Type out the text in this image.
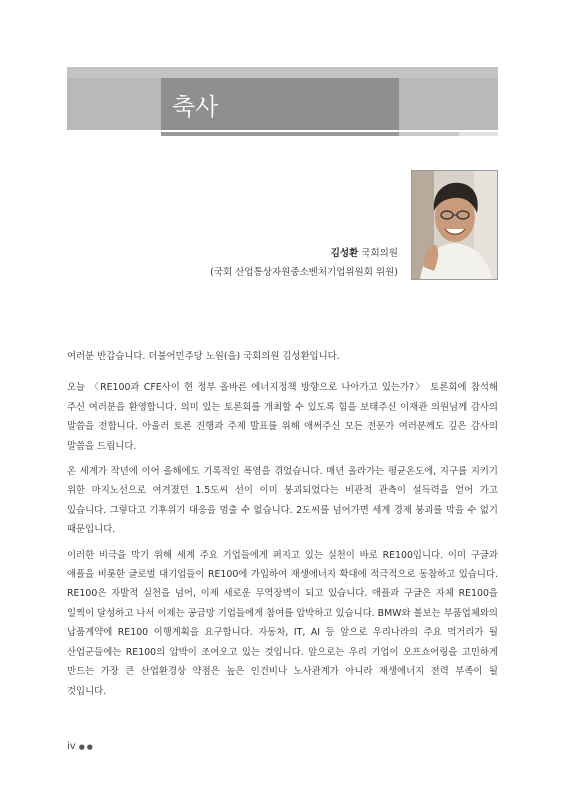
축사
김성환 국회의원
(국회 산업통상자원중소벤처기업위원회 위원)

여러분 반갑습니다. 더불어민주당 노원(을) 국회의원 김성환입니다.

오늘 〈RE100과 CFE사이 현 정부 올바른 에너지정책 방향으로 나아가고 있는가?〉 토론회에 참석해 주신 여러분을 환영합니다. 의미 있는 토론회를 개최할 수 있도록 힘을 보태주신 이재관 의원님께 감사의 말씀을 전합니다. 아울러 토론 진행과 주제 발표를 위해 애써주신 모든 전문가 여러분께도 깊은 감사의 말씀을 드립니다.

온 세계가 작년에 이어 올해에도 기록적인 폭염을 겪었습니다. 매년 올라가는 평균온도에, 지구를 지키기 위한 마지노선으로 여겨졌던 1.5도씨 선이 이미 붕괴되었다는 비관적 관측이 설득력을 얻어 가고 있습니다. 그렇다고 기후위기 대응을 멈출 수 없습니다. 2도씨를 넘어가면 세계 경제 붕괴를 막을 수 없기 때문입니다.

이러한 비극을 막기 위해 세계 주요 기업들에게 퍼지고 있는 실천이 바로 RE100입니다. 이미 구글과 애플을 비롯한 글로벌 대기업들이 RE100에 가입하여 재생에너지 확대에 적극적으로 동참하고 있습니다. RE100은 자발적 실천을 넘어, 이제 새로운 무역장벽이 되고 있습니다. 애플과 구글은 자체 RE100을 일찍이 달성하고 나서 이제는 공급망 기업들에게 참여를 압박하고 있습니다. BMW와 볼보는 부품업체와의 납품계약에 RE100 이행계획을 요구합니다. 자동차, IT, AI 등 앞으로 우리나라의 주요 먹거리가 될 산업군들에는 RE100의 압박이 조여오고 있는 것입니다. 앞으로는 우리 기업이 오프쇼어링을 고민하게 만드는 가장 큰 산업환경상 약점은 높은 인건비나 노사관계가 아니라 재생에너지 전력 부족이 될 것입니다.

iv ●●
